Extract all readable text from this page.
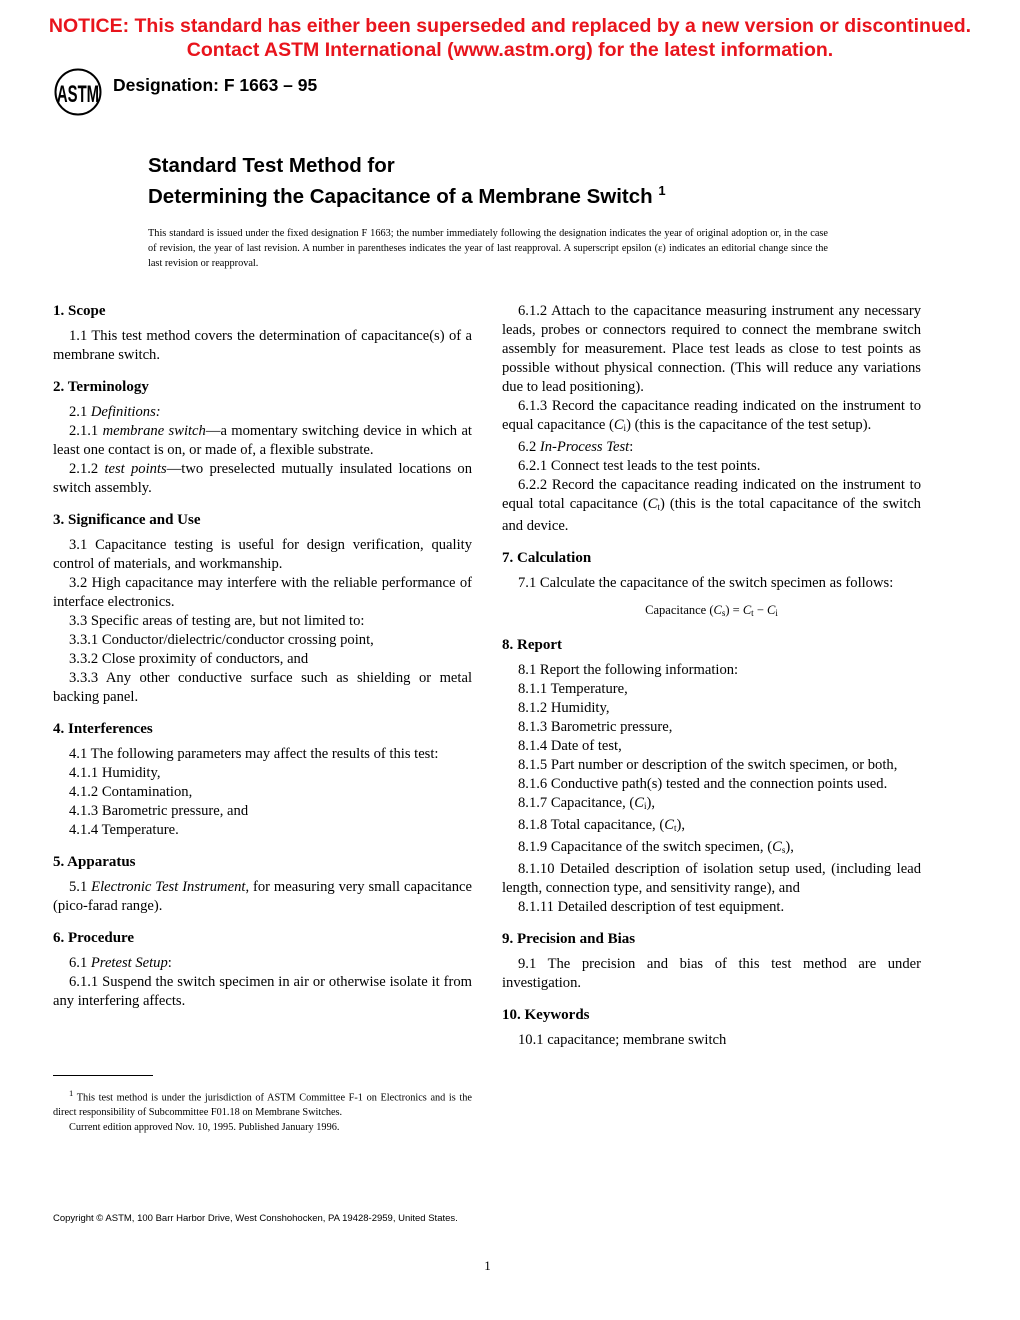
NOTICE: This standard has either been superseded and replaced by a new version or discontinued.
Contact ASTM International (www.astm.org) for the latest information.
ASTM Designation: F 1663 – 95
Standard Test Method for
Determining the Capacitance of a Membrane Switch $^1$
This standard is issued under the fixed designation F 1663; the number immediately following the designation indicates the year of original adoption or, in the case of revision, the year of last revision. A number in parentheses indicates the year of last reapproval. A superscript epsilon (ε) indicates an editorial change since the last revision or reapproval.
1. Scope

1.1 This test method covers the determination of capacitance(s) of a membrane switch.

2. Terminology

2.1 Definitions:

2.1.1 membrane switch—a momentary switching device in which at least one contact is on, or made of, a flexible substrate.

2.1.2 test points—two preselected mutually insulated locations on switch assembly.

3. Significance and Use

3.1 Capacitance testing is useful for design verification, quality control of materials, and workmanship.

3.2 High capacitance may interfere with the reliable performance of interface electronics.

3.3 Specific areas of testing are, but not limited to:

3.3.1 Conductor/dielectric/conductor crossing point,

3.3.2 Close proximity of conductors, and

3.3.3 Any other conductive surface such as shielding or metal backing panel.

4. Interferences

4.1 The following parameters may affect the results of this test:

4.1.1 Humidity,

4.1.2 Contamination,

4.1.3 Barometric pressure, and

4.1.4 Temperature.

5. Apparatus

5.1 Electronic Test Instrument, for measuring very small capacitance (pico-farad range).

6. Procedure

6.1 Pretest Setup:

6.1.1 Suspend the switch specimen in air or otherwise isolate it from any interfering affects.

6.1.2 Attach to the capacitance measuring instrument any necessary leads, probes or connectors required to connect the membrane switch assembly for measurement. Place test leads as close to test points as possible without physical connection. (This will reduce any variations due to lead positioning).

6.1.3 Record the capacitance reading indicated on the instrument to equal capacitance $(C_i)$ (this is the capacitance of the test setup).

6.2 In-Process Test:

6.2.1 Connect test leads to the test points.

6.2.2 Record the capacitance reading indicated on the instrument to equal total capacitance $(C_t)$ (this is the total capacitance of the switch and device.

7. Calculation

7.1 Calculate the capacitance of the switch specimen as follows:

Capacitance $(C_s) = C_t - C_i$

8. Report

8.1 Report the following information:

8.1.1 Temperature,

8.1.2 Humidity,

8.1.3 Barometric pressure,

8.1.4 Date of test,

8.1.5 Part number or description of the switch specimen, or both,

8.1.6 Conductive path(s) tested and the connection points used.

8.1.7 Capacitance, $(C_i)$,

8.1.8 Total capacitance, $(C_t)$,

8.1.9 Capacitance of the switch specimen, $(C_s)$,

8.1.10 Detailed description of isolation setup used, (including lead length, connection type, and sensitivity range), and

8.1.11 Detailed description of test equipment.

9. Precision and Bias

9.1 The precision and bias of this test method are under investigation.

10. Keywords

10.1 capacitance; membrane switch

$^1$ This test method is under the jurisdiction of ASTM Committee F-1 on Electronics and is the direct responsibility of Subcommittee F01.18 on Membrane Switches.

Current edition approved Nov. 10, 1995. Published January 1996.

Copyright © ASTM, 100 Barr Harbor Drive, West Conshohocken, PA 19428-2959, United States.
1
